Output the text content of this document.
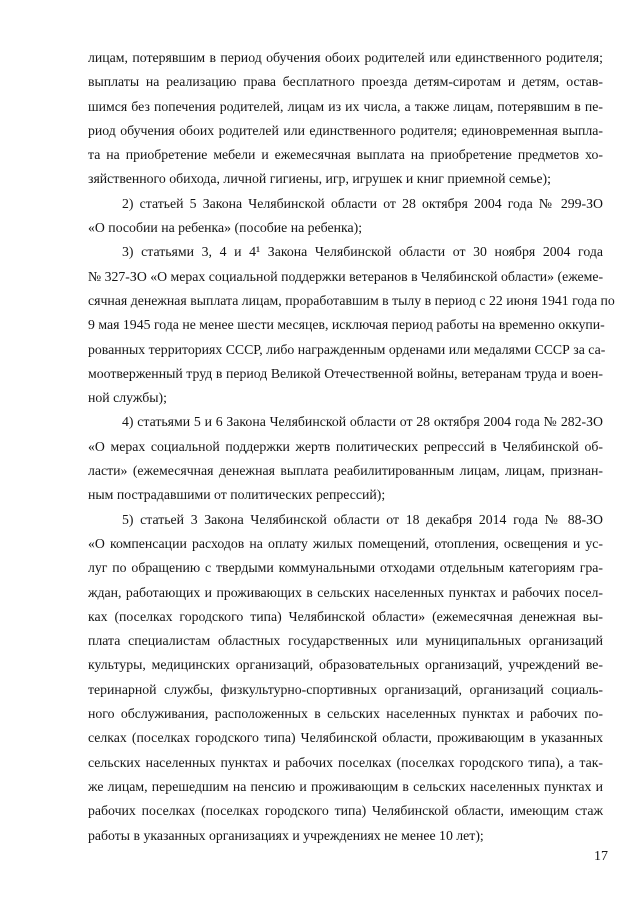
лицам, потерявшим в период обучения обоих родителей или единственного родителя;
выплаты на реализацию права бесплатного проезда детям-сиротам и детям, остав-
шимся без попечения родителей, лицам из их числа, а также лицам, потерявшим в пе-
риод обучения обоих родителей или единственного родителя; единовременная выпла-
та на приобретение мебели и ежемесячная выплата на приобретение предметов хо-
зяйственного обихода, личной гигиены, игр, игрушек и книг приемной семье);
2) статьей 5 Закона Челябинской области от 28 октября 2004 года № 299-ЗО
«О пособии на ребенка» (пособие на ребенка);
3) статьями 3, 4 и 4¹ Закона Челябинской области от 30 ноября 2004 года
№ 327-ЗО «О мерах социальной поддержки ветеранов в Челябинской области» (ежеме-
сячная денежная выплата лицам, проработавшим в тылу в период с 22 июня 1941 года по
9 мая 1945 года не менее шести месяцев, исключая период работы на временно оккупи-
рованных территориях СССР, либо награжденным орденами или медалями СССР за са-
моотверженный труд в период Великой Отечественной войны, ветеранам труда и воен-
ной службы);
4) статьями 5 и 6 Закона Челябинской области от 28 октября 2004 года № 282-ЗО
«О мерах социальной поддержки жертв политических репрессий в Челябинской об-
ласти» (ежемесячная денежная выплата реабилитированным лицам, лицам, признан-
ным пострадавшими от политических репрессий);
5) статьей 3 Закона Челябинской области от 18 декабря 2014 года № 88-ЗО
«О компенсации расходов на оплату жилых помещений, отопления, освещения и ус-
луг по обращению с твердыми коммунальными отходами отдельным категориям гра-
ждан, работающих и проживающих в сельских населенных пунктах и рабочих посел-
ках (поселках городского типа) Челябинской области» (ежемесячная денежная вы-
плата специалистам областных государственных или муниципальных организаций
культуры, медицинских организаций, образовательных организаций, учреждений ве-
теринарной службы, физкультурно-спортивных организаций, организаций социаль-
ного обслуживания, расположенных в сельских населенных пунктах и рабочих по-
селках (поселках городского типа) Челябинской области, проживающим в указанных
сельских населенных пунктах и рабочих поселках (поселках городского типа), а так-
же лицам, перешедшим на пенсию и проживающим в сельских населенных пунктах и
рабочих поселках (поселках городского типа) Челябинской области, имеющим стаж
работы в указанных организациях и учреждениях не менее 10 лет);
17
